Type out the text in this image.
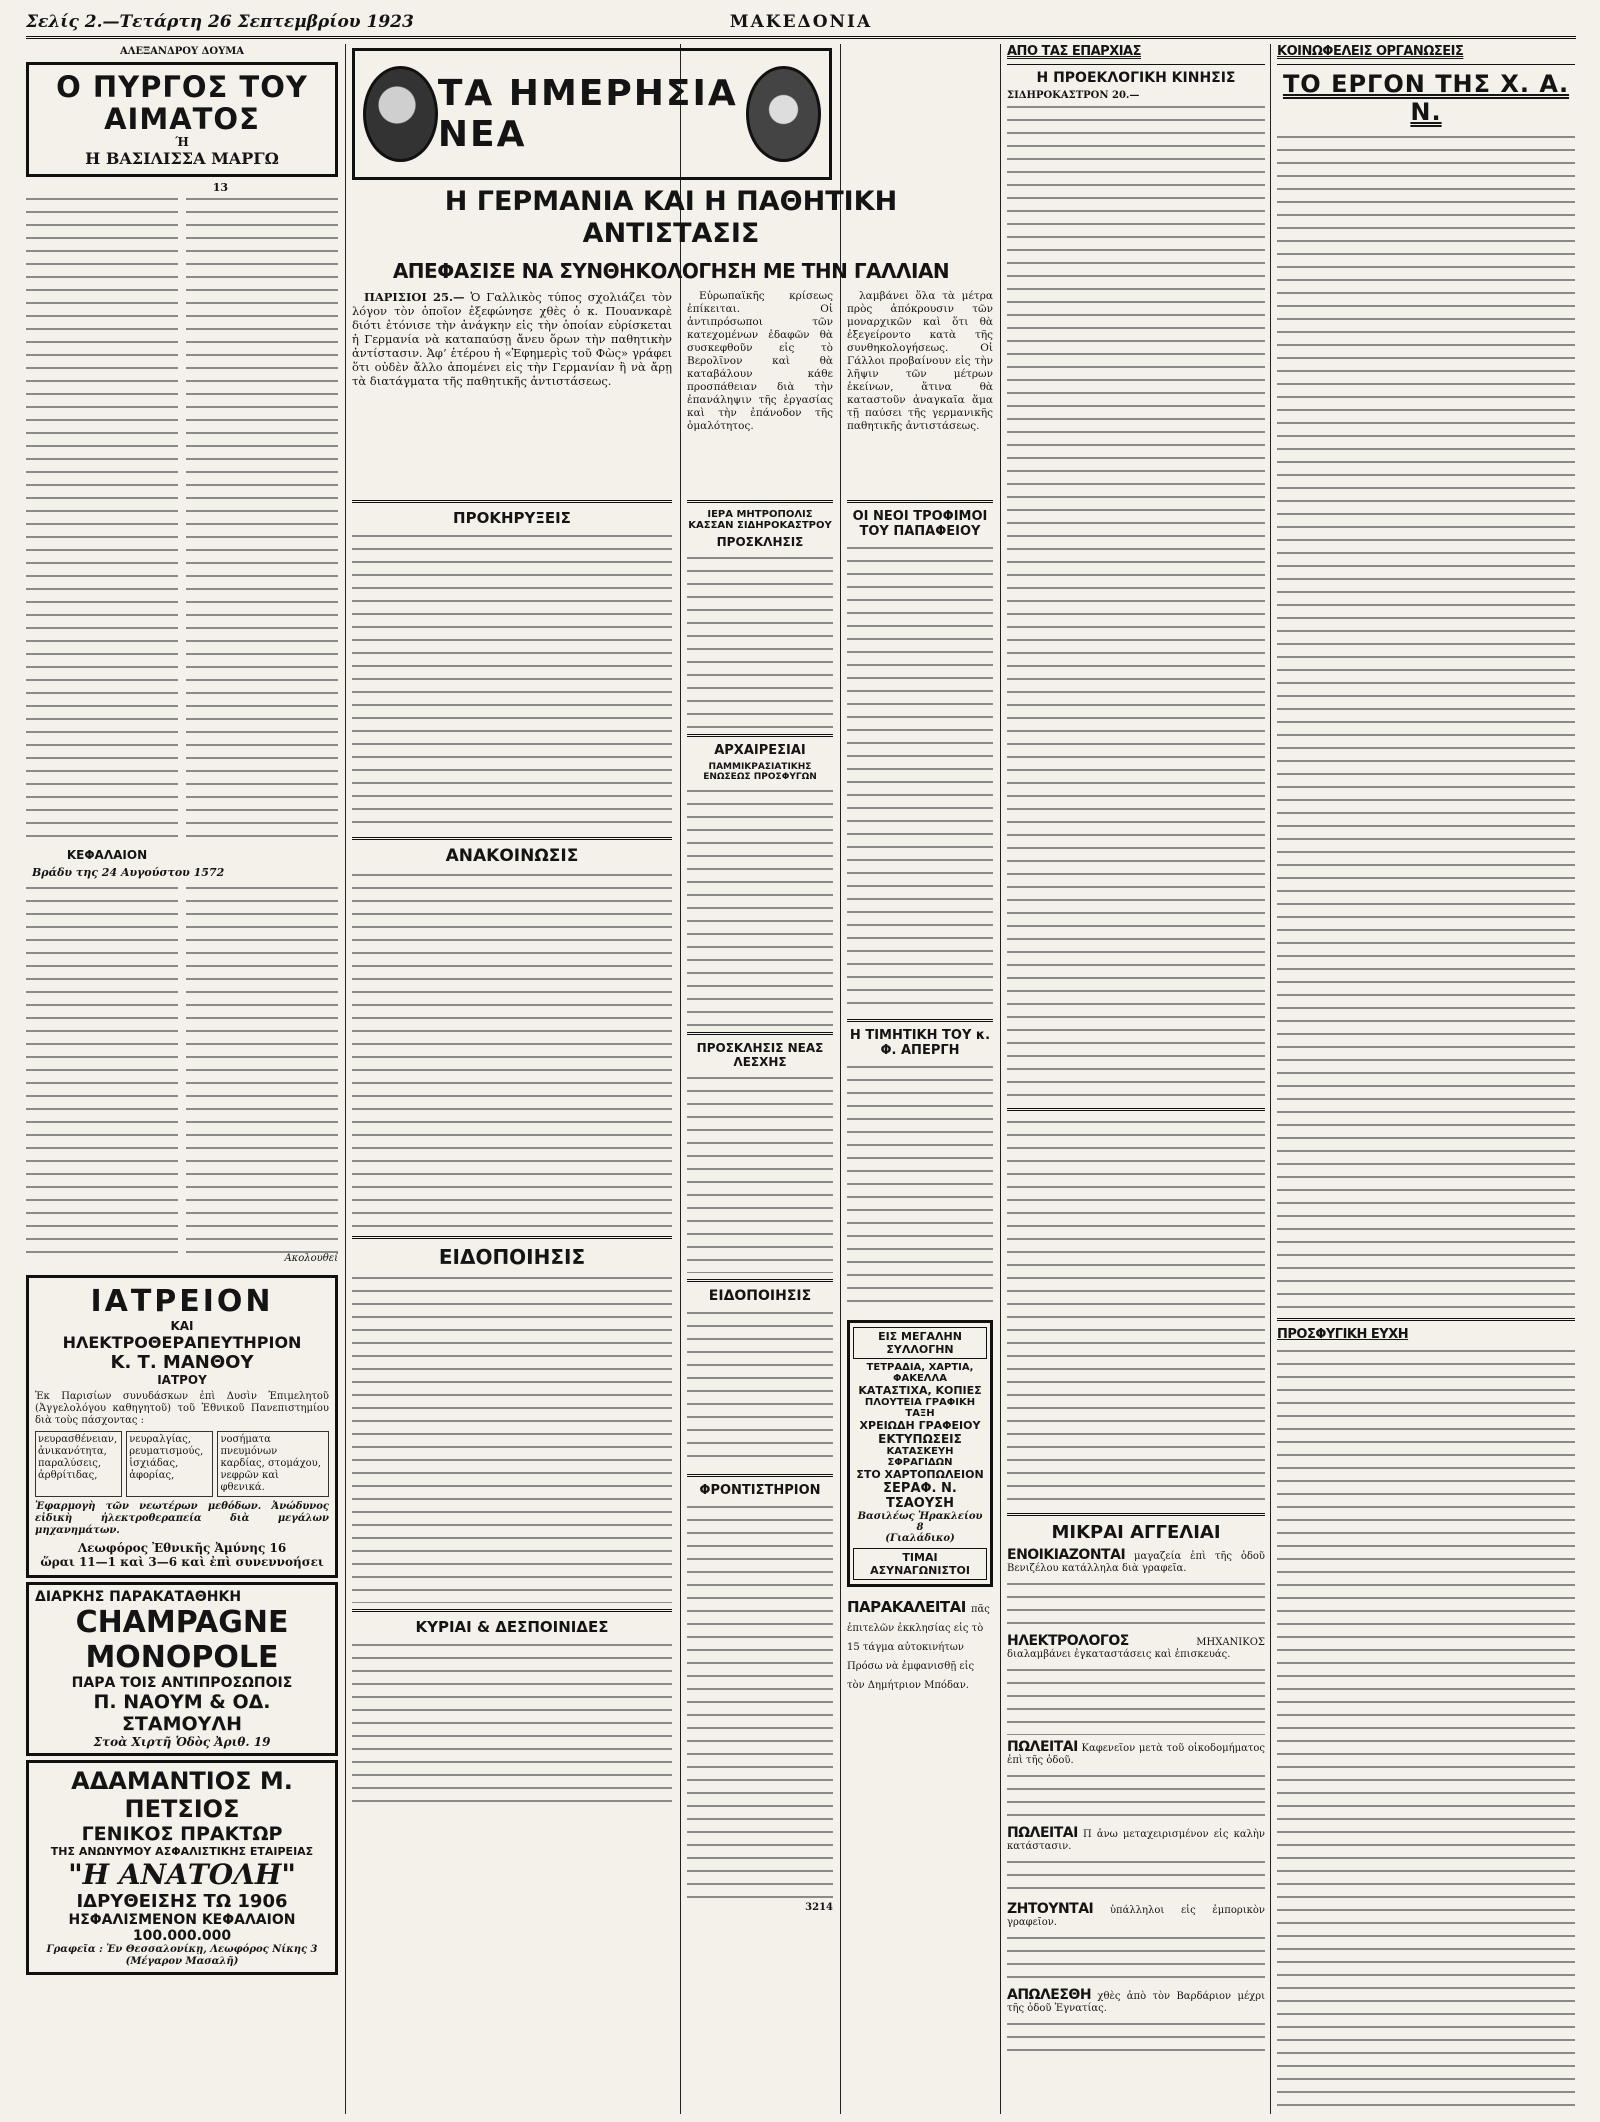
Σελίς 2.—Τετάρτη 26 Σεπτεμβρίου 1923	ΜΑΚΕΔΟΝΙΑ
ΑΛΕΞΑΝΔΡΟΥ ΔΟΥΜΑ
Ο ΠΥΡΓΟΣ ΤΟΥ ΑΙΜΑΤΟΣ
Ή
Η ΒΑΣΙΛΙΣΣΑ ΜΑΡΓΩ
13
ΚΕΦΑΛΑΙΟΝ
Βράδυ της 24 Αυγούστου 1572
Ακολουθεί
ΙΑΤΡΕΙΟΝ
ΚΑΙ
ΗΛΕΚΤΡΟΘΕΡΑΠΕΥΤΗΡΙΟΝ
Κ. Τ. ΜΑΝΘΟΥ
ΙΑΤΡΟΥ
Ἐκ Παρισίων συνυδάσκων ἐπὶ Δυσὶν Ἐπιμελητοῦ (Ἀγγελολόγου καθηγητοῦ) τοῦ Ἐθνικοῦ Πανεπιστημίου διὰ τοὺς πάσχοντας :
νευρασθένειαν,
ἀνικανότητα,
παραλύσεις,
ἀρθρίτιδας,
νευραλγίας,
ρευματισμούς,
ἰσχιάδας,
ἀφορίας,
νοσήματα πνευμόνων
καρδίας, στομάχου,
νεφρῶν καὶ φθενικά.
Ἐφαρμογὴ τῶν νεωτέρων μεθόδων. Ἀνώδυνος εἰδικὴ ἠλεκτροθεραπεία διὰ μεγάλων μηχανημάτων.
Λεωφόρος Ἐθνικῆς Ἀμύνης 16
ὥραι 11—1 καὶ 3—6 καὶ ἐπὶ συνεννοήσει
ΔΙΑΡΚΗΣ ΠΑΡΑΚΑΤΑΘΗΚΗ
CHAMPAGNE MONOPOLE
ΠΑΡΑ ΤΟΙΣ ΑΝΤΙΠΡΟΣΩΠΟΙΣ
Π. ΝΑΟΥΜ & ΟΔ. ΣΤΑΜΟΥΛΗ
Στοὰ Χιρτῆ Ὁδὸς Ἀριθ. 19
ΑΔΑΜΑΝΤΙΟΣ Μ. ΠΕΤΣΙΟΣ
ΓΕΝΙΚΟΣ ΠΡΑΚΤΩΡ
ΤΗΣ ΑΝΩΝΥΜΟΥ ΑΣΦΑΛΙΣΤΙΚΗΣ ΕΤΑΙΡΕΙΑΣ
"Η ΑΝΑΤΟΛΗ"
ΙΔΡΥΘΕΙΣΗΣ ΤΩ 1906
ΗΣΦΑΛΙΣΜΕΝΟΝ ΚΕΦΑΛΑΙΟΝ 100.000.000
Γραφεῖα : Ἐν Θεσσαλονίκῃ, Λεωφόρος Νίκης 3 (Μέγαρον Μασαλῆ)
ΤΑ ΗΜΕΡΗΣΙΑ ΝΕΑ
Η ΓΕΡΜΑΝΙΑ ΚΑΙ Η ΠΑΘΗΤΙΚΗ ΑΝΤΙΣΤΑΣΙΣ
ΑΠΕΦΑΣΙΣΕ ΝΑ ΣΥΝΘΗΚΟΛΟΓΗΣΗ ΜΕ ΤΗΝ ΓΑΛΛΙΑΝ
ΠΑΡΙΣΙΟΙ 25.— Ὁ Γαλλικὸς τύπος σχολιάζει τὸν λόγον τὸν ὁποῖον ἐξεφώνησε χθὲς ὁ κ. Πουανκαρὲ διότι ἐτόνισε τὴν ἀνάγκην εἰς τὴν ὁποίαν εὑρίσκεται ἡ Γερμανία νὰ καταπαύσῃ ἄνευ ὅρων τὴν παθητικὴν ἀντίστασιν. Ἀφ’ ἑτέρου ἡ «Ἐφημερὶς τοῦ Φὼς» γράφει ὅτι οὐδὲν ἄλλο ἀπομένει εἰς τὴν Γερμανίαν ἢ νὰ ἄρῃ τὰ διατάγματα τῆς παθητικῆς ἀντιστάσεως.
Εὐρωπαϊκῆς κρίσεως ἐπίκειται. Οἱ ἀντιπρόσωποι τῶν κατεχομένων ἐδαφῶν θὰ συσκεφθοῦν εἰς τὸ Βερολῖνον καὶ θὰ καταβάλουν κάθε προσπάθειαν διὰ τὴν ἐπανάληψιν τῆς ἐργασίας καὶ τὴν ἐπάνοδον τῆς ὁμαλότητος.
λαμβάνει ὅλα τὰ μέτρα πρὸς ἀπόκρουσιν τῶν μοναρχικῶν καὶ ὅτι θὰ ἐξεγείροντο κατὰ τῆς συνθηκολογήσεως. Οἱ Γάλλοι προβαίνουν εἰς τὴν λῆψιν τῶν μέτρων ἐκείνων, ἅτινα θὰ καταστοῦν ἀναγκαῖα ἅμα τῇ παύσει τῆς γερμανικῆς παθητικῆς ἀντιστάσεως.
ΠΡΟΚΗΡΥΞΕΙΣ
ΑΝΑΚΟΙΝΩΣΙΣ
ΕΙΔΟΠΟΙΗΣΙΣ
ΚΥΡΙΑΙ & ΔΕΣΠΟΙΝΙΔΕΣ
ΙΕΡΑ ΜΗΤΡΟΠΟΛΙΣ ΚΑΣΣΑΝ ΣΙΔΗΡΟΚΑΣΤΡΟΥ
ΠΡΟΣΚΛΗΣΙΣ
ΑΡΧΑΙΡΕΣΙΑΙ
ΠΑΜΜΙΚΡΑΣΙΑΤΙΚΗΣ ΕΝΩΣΕΩΣ ΠΡΟΣΦΥΓΩΝ
ΠΡΟΣΚΛΗΣΙΣ ΝΕΑΣ ΛΕΣΧΗΣ
ΕΙΔΟΠΟΙΗΣΙΣ
ΦΡΟΝΤΙΣΤΗΡΙΟΝ
3214
ΟΙ ΝΕΟΙ ΤΡΟΦΙΜΟΙ ΤΟΥ ΠΑΠΑΦΕΙΟΥ
Η ΤΙΜΗΤΙΚΗ ΤΟΥ κ. Φ. ΑΠΕΡΓΗ
ΕΙΣ ΜΕΓΑΛΗΝ ΣΥΛΛΟΓΗΝ
ΤΕΤΡΑΔΙΑ, ΧΑΡΤΙΑ, ΦΑΚΕΛΛΑ
ΚΑΤΑΣΤΙΧΑ, ΚΟΠΙΕΣ
ΠΛΟΥΤΕΙΑ ΓΡΑΦΙΚΗ ΤΑΞΗ
ΧΡΕΙΩΔΗ ΓΡΑΦΕΙΟΥ
ΕΚΤΥΠΩΣΕΙΣ
ΚΑΤΑΣΚΕΥΗ ΣΦΡΑΓΙΔΩΝ
ΣΤΟ ΧΑΡΤΟΠΩΛΕΙΟΝ
ΣΕΡΑΦ. Ν. ΤΣΑΟΥΣΗ
Βασιλέως Ἡρακλείου 8
(Γιαλάδικο)
ΤΙΜΑΙ ΑΣΥΝΑΓΩΝΙΣΤΟΙ
ΠΑΡΑΚΑΛΕΙΤΑΙ πᾶς ἐπιτελῶν ἐκκλησίας εἰς τὸ 15 τάγμα αὐτοκινήτων Πρόσω νὰ ἐμφανισθῇ εἰς τὸν Δημήτριον Μπόδαν.
ΑΠΟ ΤΑΣ ΕΠΑΡΧΙΑΣ
Η ΠΡΟΕΚΛΟΓΙΚΗ ΚΙΝΗΣΙΣ
ΣΙΔΗΡΟΚΑΣΤΡΟΝ 20.—
ΜΙΚΡΑΙ ΑΓΓΕΛΙΑΙ
ΕΝΟΙΚΙΑΖΟΝΤΑΙ μαγαζεία ἐπὶ τῆς ὁδοῦ Βενιζέλου κατάλληλα διὰ γραφεῖα.
ΗΛΕΚΤΡΟΛΟΓΟΣ	ΜΗΧΑΝΙΚΟΣ διαλαμβάνει ἐγκαταστάσεις καὶ ἐπισκευάς.
ΠΩΛΕΙΤΑΙ Καφενεῖον μετὰ τοῦ οἰκοδομήματος ἐπὶ τῆς ὁδοῦ.
ΠΩΛΕΙΤΑΙ Π ἀνω μεταχειρισμένον εἰς καλὴν κατάστασιν.
ΖΗΤΟΥΝΤΑΙ ὑπάλληλοι εἰς ἐμπορικὸν γραφεῖον.
ΑΠΩΛΕΣΘΗ χθὲς ἀπὸ τὸν Βαρδάριον μέχρι τῆς ὁδοῦ Ἐγνατίας.
ΚΟΙΝΩΦΕΛΕΙΣ ΟΡΓΑΝΩΣΕΙΣ
ΤΟ ΕΡΓΟΝ ΤΗΣ Χ. Α. Ν.
ΠΡΟΣΦΥΓΙΚΗ ΕΥΧΗ
